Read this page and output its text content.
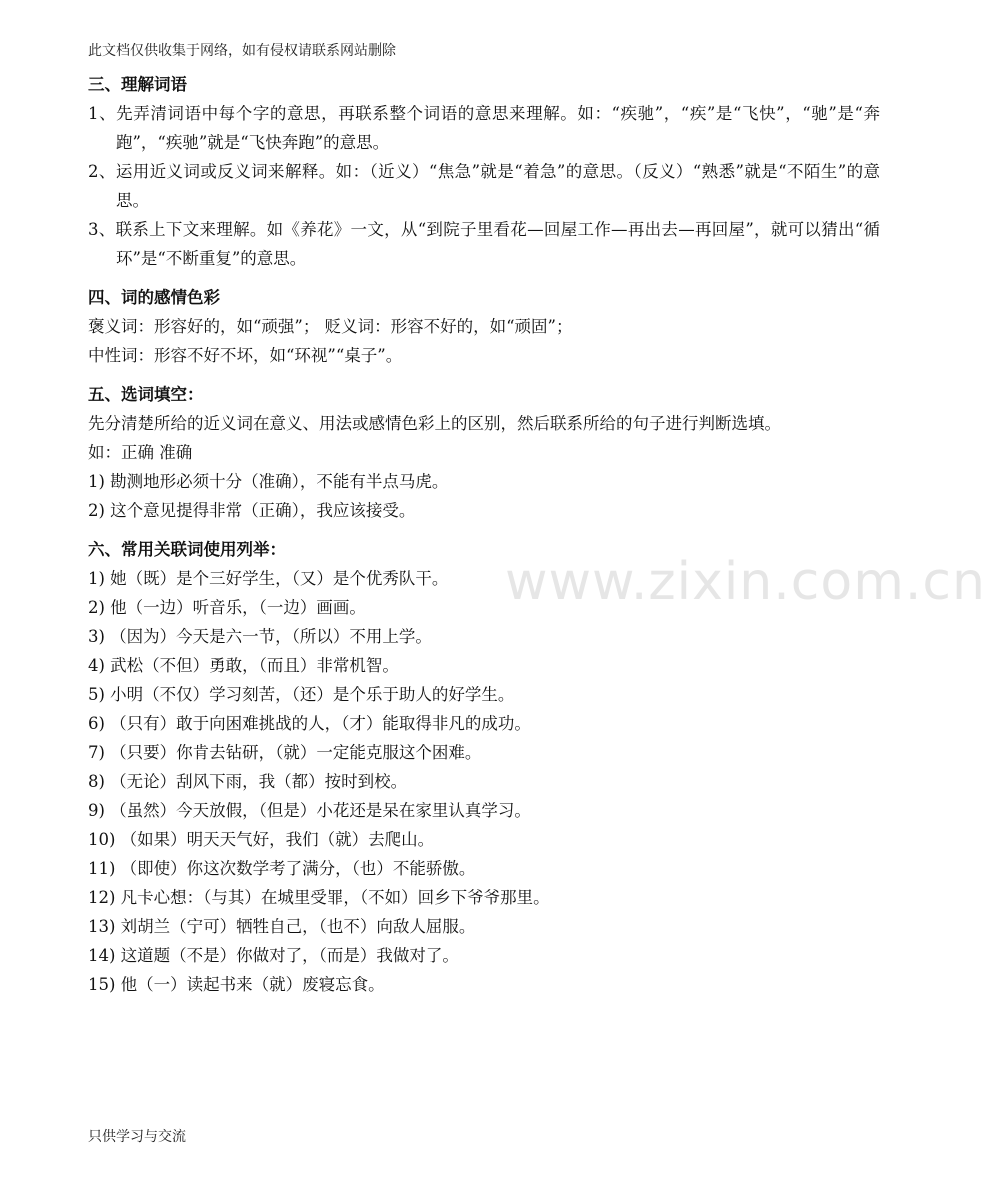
此文档仅供收集于网络，如有侵权请联系网站删除
www.zixin.com.cn
三、理解词语
1、先弄清词语中每个字的意思，再联系整个词语的意思来理解。如：“疾驰”，“疾”是“飞快”，“驰”是“奔跑”，“疾驰”就是“飞快奔跑”的意思。
2、运用近义词或反义词来解释。如：（近义）“焦急”就是“着急”的意思。（反义）“熟悉”就是“不陌生”的意思。
3、联系上下文来理解。如《养花》一文，从“到院子里看花—回屋工作—再出去—再回屋”，就可以猜出“循环”是“不断重复”的意思。
四、词的感情色彩
褒义词：形容好的，如“顽强”； 贬义词：形容不好的，如“顽固”；
中性词：形容不好不坏，如“环视”“桌子”。
五、选词填空：
先分清楚所给的近义词在意义、用法或感情色彩上的区别，然后联系所给的句子进行判断选填。
如：正确 准确
1) 勘测地形必须十分（准确），不能有半点马虎。
2) 这个意见提得非常（正确），我应该接受。
六、常用关联词使用列举：
1) 她（既）是个三好学生，（又）是个优秀队干。
2) 他（一边）听音乐，（一边）画画。
3) （因为）今天是六一节，（所以）不用上学。
4) 武松（不但）勇敢，（而且）非常机智。
5) 小明（不仅）学习刻苦，（还）是个乐于助人的好学生。
6) （只有）敢于向困难挑战的人，（才）能取得非凡的成功。
7) （只要）你肯去钻研，（就）一定能克服这个困难。
8) （无论）刮风下雨，我（都）按时到校。
9) （虽然）今天放假，（但是）小花还是呆在家里认真学习。
10) （如果）明天天气好，我们（就）去爬山。
11) （即使）你这次数学考了满分，（也）不能骄傲。
12) 凡卡心想：（与其）在城里受罪，（不如）回乡下爷爷那里。
13) 刘胡兰（宁可）牺牲自己，（也不）向敌人屈服。
14) 这道题（不是）你做对了，（而是）我做对了。
15) 他（一）读起书来（就）废寝忘食。
只供学习与交流
